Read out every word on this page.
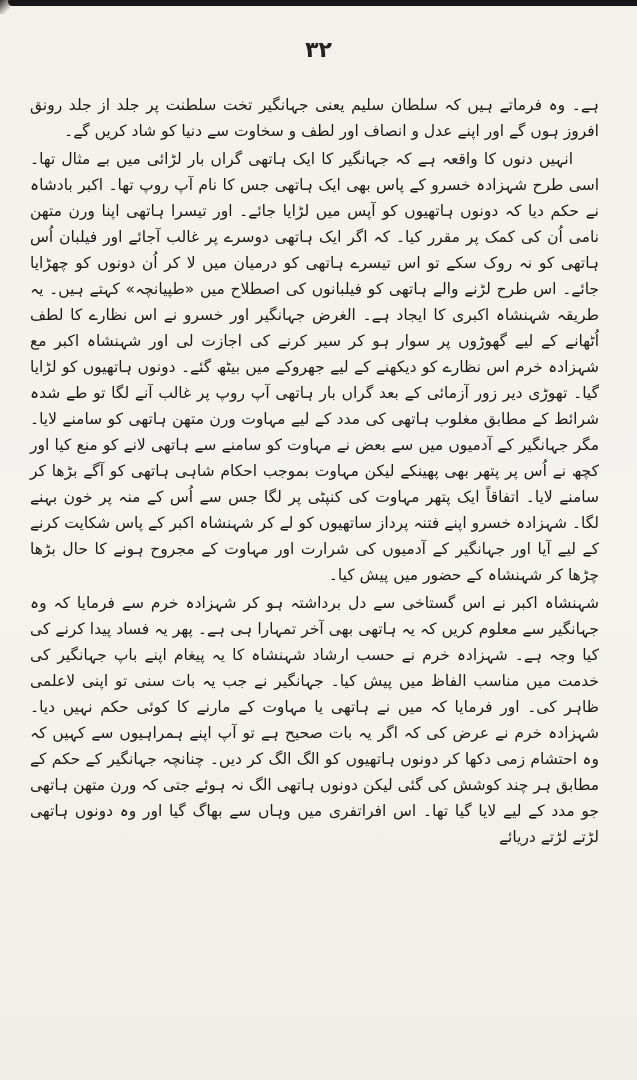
۳۲

ہے۔ وہ فرماتے ہیں کہ سلطان سلیم یعنی جہانگیر تخت سلطنت پر جلد از جلد رونق افروز ہوں گے اور اپنے عدل و انصاف اور لطف و سخاوت سے دنیا کو شاد کریں گے۔

انہیں دنوں کا واقعہ ہے کہ جہانگیر کا ایک ہاتھی گراں بار لڑائی میں بے مثال تھا۔ اسی طرح شہزادہ خسرو کے پاس بھی ایک ہاتھی جس کا نام آپ روپ تھا۔ اکبر بادشاہ نے حکم دیا کہ دونوں ہاتھیوں کو آپس میں لڑایا جائے۔ اور تیسرا ہاتھی اپنا ورن متھن نامی اُن کی کمک پر مقرر کیا۔ کہ اگر ایک ہاتھی دوسرے پر غالب آجائے اور فیلبان اُس ہاتھی کو نہ روک سکے تو اس تیسرے ہاتھی کو درمیان میں لا کر اُن دونوں کو چھڑایا جائے۔ اس طرح لڑنے والے ہاتھی کو فیلبانوں کی اصطلاح میں «طپیانچہ» کہتے ہیں۔ یہ طریقہ شہنشاہ اکبری کا ایجاد ہے۔ الغرض جہانگیر اور خسرو نے اس نظارے کا لطف اُٹھانے کے لیے گھوڑوں پر سوار ہو کر سیر کرنے کی اجازت لی اور شہنشاہ اکبر مع شہزادہ خرم اس نظارے کو دیکھنے کے لیے جھروکے میں بیٹھ گئے۔ دونوں ہاتھیوں کو لڑایا گیا۔ تھوڑی دیر زور آزمائی کے بعد گراں بار ہاتھی آپ روپ پر غالب آنے لگا تو طے شدہ شرائط کے مطابق مغلوب ہاتھی کی مدد کے لیے مہاوت ورن متھن ہاتھی کو سامنے لایا۔ مگر جہانگیر کے آدمیوں میں سے بعض نے مہاوت کو سامنے سے ہاتھی لانے کو منع کیا اور کچھ نے اُس پر پتھر بھی پھینکے لیکن مہاوت بموجب احکام شاہی ہاتھی کو آگے بڑھا کر سامنے لایا۔ اتفاقاً ایک پتھر مہاوت کی کنپٹی پر لگا جس سے اُس کے منہ پر خون بہنے لگا۔ شہزادہ خسرو اپنے فتنہ پرداز ساتھیوں کو لے کر شہنشاہ اکبر کے پاس شکایت کرنے کے لیے آیا اور جہانگیر کے آدمیوں کی شرارت اور مہاوت کے مجروح ہونے کا حال بڑھا چڑھا کر شہنشاہ کے حضور میں پیش کیا۔

شہنشاہ اکبر نے اس گستاخی سے دل برداشتہ ہو کر شہزادہ خرم سے فرمایا کہ وہ جہانگیر سے معلوم کریں کہ یہ ہاتھی بھی آخر تمہارا ہی ہے۔ پھر یہ فساد پیدا کرنے کی کیا وجہ ہے۔ شہزادہ خرم نے حسب ارشاد شہنشاہ کا یہ پیغام اپنے باپ جہانگیر کی خدمت میں مناسب الفاظ میں پیش کیا۔ جہانگیر نے جب یہ بات سنی تو اپنی لاعلمی ظاہر کی۔ اور فرمایا کہ میں نے ہاتھی یا مہاوت کے مارنے کا کوئی حکم نہیں دیا۔ شہزادہ خرم نے عرض کی کہ اگر یہ بات صحیح ہے تو آپ اپنے ہمراہیوں سے کہیں کہ وہ احتشام زمی دکھا کر دونوں ہاتھیوں کو الگ الگ کر دیں۔ چنانچہ جہانگیر کے حکم کے مطابق ہر چند کوشش کی گئی لیکن دونوں ہاتھی الگ نہ ہوئے جتی کہ ورن متھن ہاتھی جو مدد کے لیے لایا گیا تھا۔ اس افراتفری میں وہاں سے بھاگ گیا اور وہ دونوں ہاتھی لڑتے لڑتے دریائے
